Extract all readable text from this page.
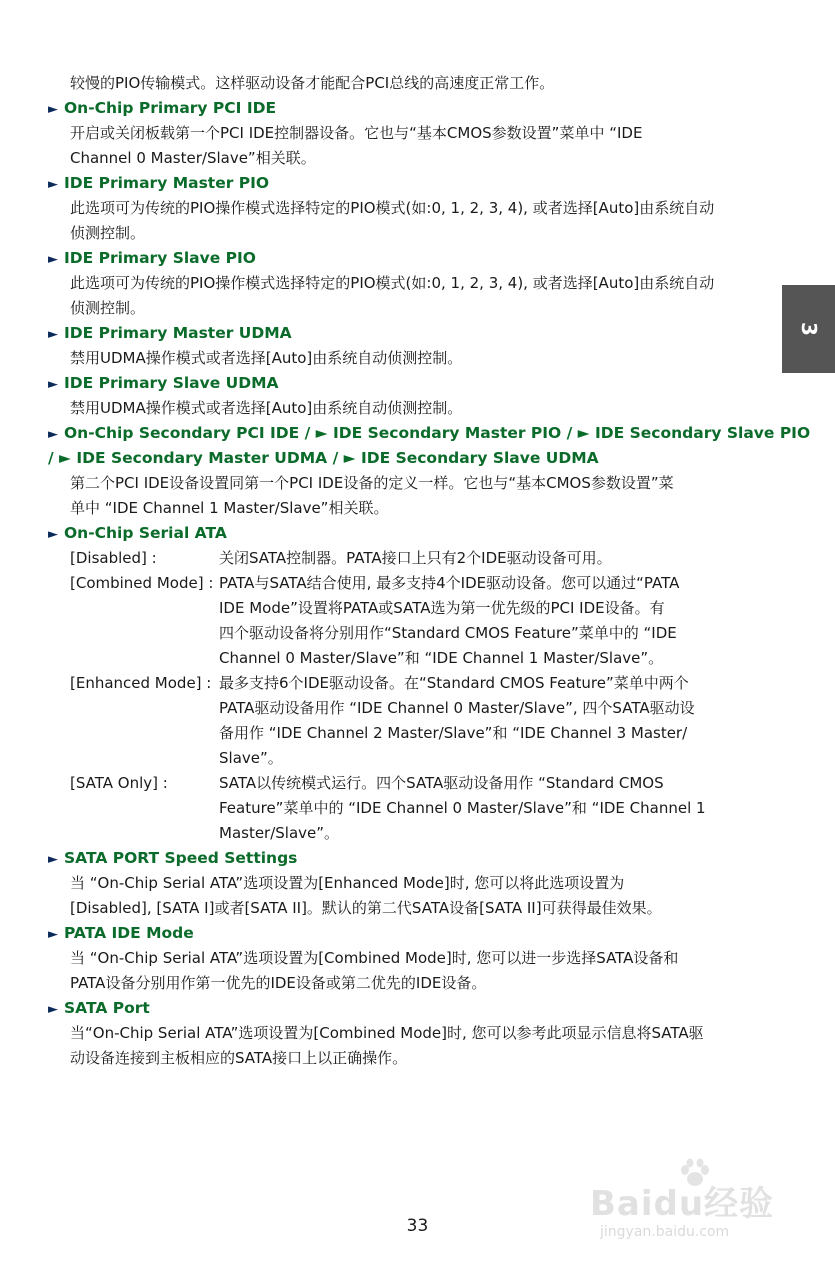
较慢的PIO传输模式。这样驱动设备才能配合PCI总线的高速度正常工作。
► On-Chip Primary PCI IDE
开启或关闭板载第一个PCI IDE控制器设备。它也与“基本CMOS参数设置”菜单中 “IDE
Channel 0 Master/Slave”相关联。
► IDE Primary Master PIO
此选项可为传统的PIO操作模式选择特定的PIO模式(如:0, 1, 2, 3, 4), 或者选择[Auto]由系统自动
侦测控制。
► IDE Primary Slave PIO
此选项可为传统的PIO操作模式选择特定的PIO模式(如:0, 1, 2, 3, 4), 或者选择[Auto]由系统自动
侦测控制。
► IDE Primary Master UDMA
禁用UDMA操作模式或者选择[Auto]由系统自动侦测控制。
► IDE Primary Slave UDMA
禁用UDMA操作模式或者选择[Auto]由系统自动侦测控制。
► On-Chip Secondary PCI IDE / ► IDE Secondary Master PIO / ► IDE Secondary Slave PIO
/ ► IDE Secondary Master UDMA / ► IDE Secondary Slave UDMA
第二个PCI IDE设备设置同第一个PCI IDE设备的定义一样。它也与“基本CMOS参数设置”菜
单中 “IDE Channel 1 Master/Slave”相关联。
► On-Chip Serial ATA
[Disabled] :	关闭SATA控制器。PATA接口上只有2个IDE驱动设备可用。
[Combined Mode] : PATA与SATA结合使用, 最多支持4个IDE驱动设备。您可以通过“PATA
IDE Mode”设置将PATA或SATA选为第一优先级的PCI IDE设备。有
四个驱动设备将分别用作“Standard CMOS Feature”菜单中的 “IDE
Channel 0 Master/Slave”和 “IDE Channel 1 Master/Slave”。
[Enhanced Mode] : 最多支持6个IDE驱动设备。在“Standard CMOS Feature”菜单中两个
PATA驱动设备用作 “IDE Channel 0 Master/Slave”, 四个SATA驱动设
备用作 “IDE Channel 2 Master/Slave”和 “IDE Channel 3 Master/
Slave”。
[SATA Only] :	SATA以传统模式运行。四个SATA驱动设备用作 “Standard CMOS
Feature”菜单中的 “IDE Channel 0 Master/Slave”和 “IDE Channel 1
Master/Slave”。
► SATA PORT Speed Settings
当 “On-Chip Serial ATA”选项设置为[Enhanced Mode]时, 您可以将此选项设置为
[Disabled], [SATA I]或者[SATA II]。默认的第二代SATA设备[SATA II]可获得最佳效果。
► PATA IDE Mode
当 “On-Chip Serial ATA”选项设置为[Combined Mode]时, 您可以进一步选择SATA设备和
PATA设备分别用作第一优先的IDE设备或第二优先的IDE设备。
► SATA Port
当“On-Chip Serial ATA”选项设置为[Combined Mode]时, 您可以参考此项显示信息将SATA驱
动设备连接到主板相应的SATA接口上以正确操作。
3
Baidu经验
jingyan.baidu.com
33
